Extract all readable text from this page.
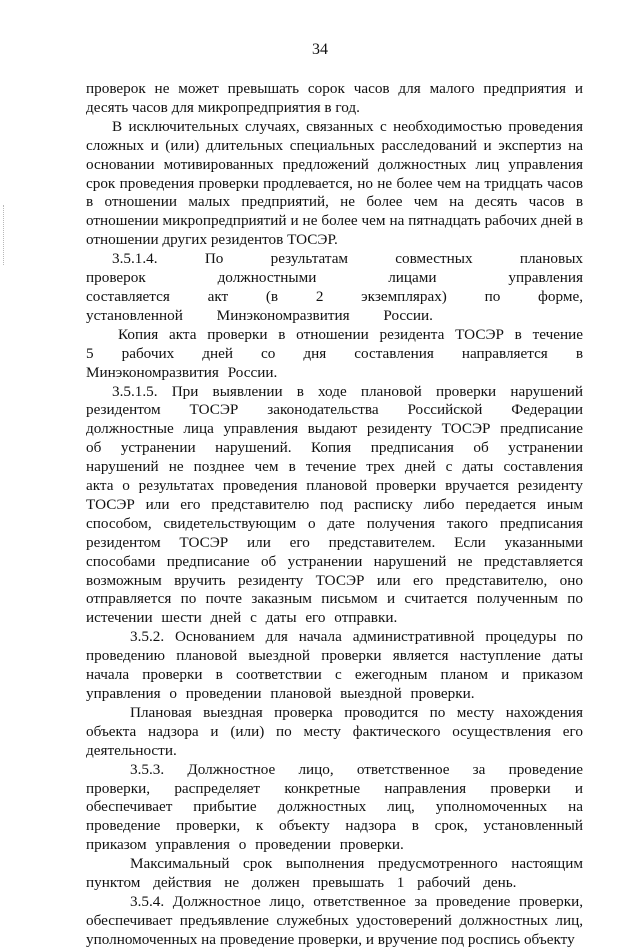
34

проверок не может превышать сорок часов для малого предприятия и десять часов для микропредприятия в год.

В исключительных случаях, связанных с необходимостью проведения сложных и (или) длительных специальных расследований и экспертиз на основании мотивированных предложений должностных лиц управления срок проведения проверки продлевается, но не более чем на тридцать часов в отношении малых предприятий, не более чем на десять часов в отношении микропредприятий и не более чем на пятнадцать рабочих дней в отношении других резидентов ТОСЭР.

3.5.1.4. По результатам совместных плановых проверок должностными лицами управления составляется акт (в 2 экземплярах) по форме, установленной Минэкономразвития России.

Копия акта проверки в отношении резидента ТОСЭР в течение 5 рабочих дней со дня составления направляется в Минэкономразвития России.

3.5.1.5. При выявлении в ходе плановой проверки нарушений резидентом ТОСЭР законодательства Российской Федерации должностные лица управления выдают резиденту ТОСЭР предписание об устранении нарушений. Копия предписания об устранении нарушений не позднее чем в течение трех дней с даты составления акта о результатах проведения плановой проверки вручается резиденту ТОСЭР или его представителю под расписку либо передается иным способом, свидетельствующим о дате получения такого предписания резидентом ТОСЭР или его представителем. Если указанными способами предписание об устранении нарушений не представляется возможным вручить резиденту ТОСЭР или его представителю, оно отправляется по почте заказным письмом и считается полученным по истечении шести дней с даты его отправки.

3.5.2. Основанием для начала административной процедуры по проведению плановой выездной проверки является наступление даты начала проверки в соответствии с ежегодным планом и приказом управления о проведении плановой выездной проверки.

Плановая выездная проверка проводится по месту нахождения объекта надзора и (или) по месту фактического осуществления его деятельности.

3.5.3. Должностное лицо, ответственное за проведение проверки, распределяет конкретные направления проверки и обеспечивает прибытие должностных лиц, уполномоченных на проведение проверки, к объекту надзора в срок, установленный приказом управления о проведении проверки.

Максимальный срок выполнения предусмотренного настоящим пунктом действия не должен превышать 1 рабочий день.

3.5.4. Должностное лицо, ответственное за проведение проверки, обеспечивает предъявление служебных удостоверений должностных лиц, уполномоченных на проведение проверки, и вручение под роспись объекту
